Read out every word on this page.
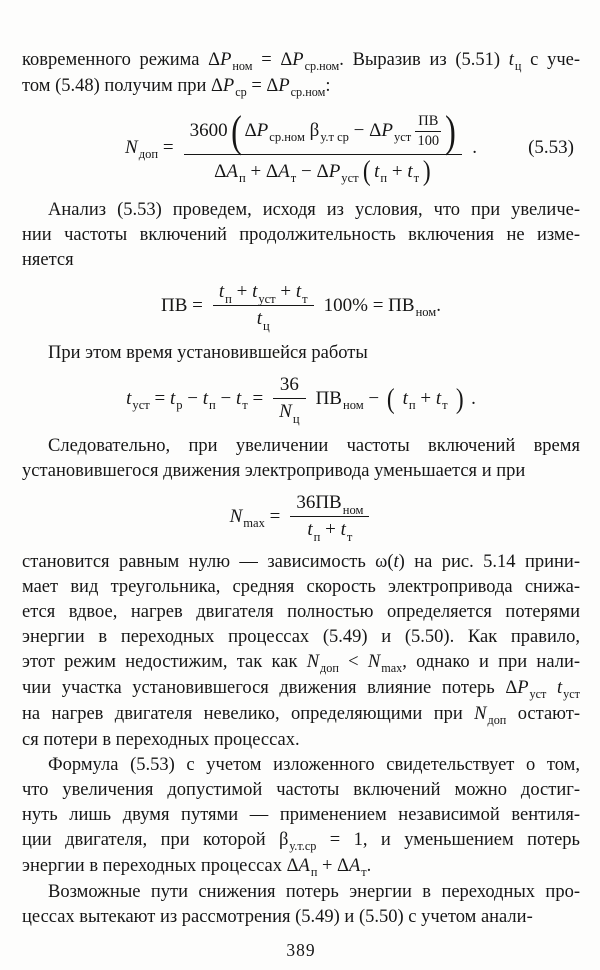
ковременного режима $\Delta P_{ном} = \Delta P_{ср.ном}$. Выразив из (5.51) $t_ц$ с уче-
том (5.48) получим при $\Delta P_{ср} = \Delta P_{ср.ном}$:
$N_{доп}$ =
3600 ( $\Delta P_{ср.ном}$ $\beta_{у.т ср} - \Delta P_{уст}$
ПВ
100 )
$\Delta A_п + \Delta A_т - \Delta P_{уст}$ ( $t_п + t_т$ )
.	(5.53)
Анализ (5.53) проведем, исходя из условия, что при увеличе-
нии частоты включений продолжительность включения не изме-
няется
ПВ = $\frac{t_п + t_{уст} + t_т}{t_ц} 100\% = ПВ_{ном}$.
При этом время установившейся работы
$t_{уст} = t_р - t_п - t_т = \frac{36}{N_ц} ПВ_{ном}$ − ( $t_п + t_т$ ) .
Следовательно, при увеличении частоты включений время
установившегося движения электропривода уменьшается и при
$N_{max} = \frac{36ПВ_{ном}}{t_п + t_т}$
становится равным нулю — зависимость ω(t) на рис. 5.14 прини-
мает вид треугольника, средняя скорость электропривода снижа-
ется вдвое, нагрев двигателя полностью определяется потерями
энергии в переходных процессах (5.49) и (5.50). Как правило,
этот режим недостижим, так как $N_{доп} < N_{max}$, однако и при нали-
чии участка установившегося движения влияние потерь $\Delta P_{уст}$ $t_{уст}$
на нагрев двигателя невелико, определяющими при $N_{доп}$ остают-
ся потери в переходных процессах.
Формула (5.53) с учетом изложенного свидетельствует о том,
что увеличения допустимой частоты включений можно достиг-
нуть лишь двумя путями — применением независимой вентиля-
ции двигателя, при которой $\beta_{у.т.ср} = 1$, и уменьшением потерь
энергии в переходных процессах $\Delta A_п + \Delta A_т$.
Возможные пути снижения потерь энергии в переходных про-
цессах вытекают из рассмотрения (5.49) и (5.50) с учетом анали-
389
